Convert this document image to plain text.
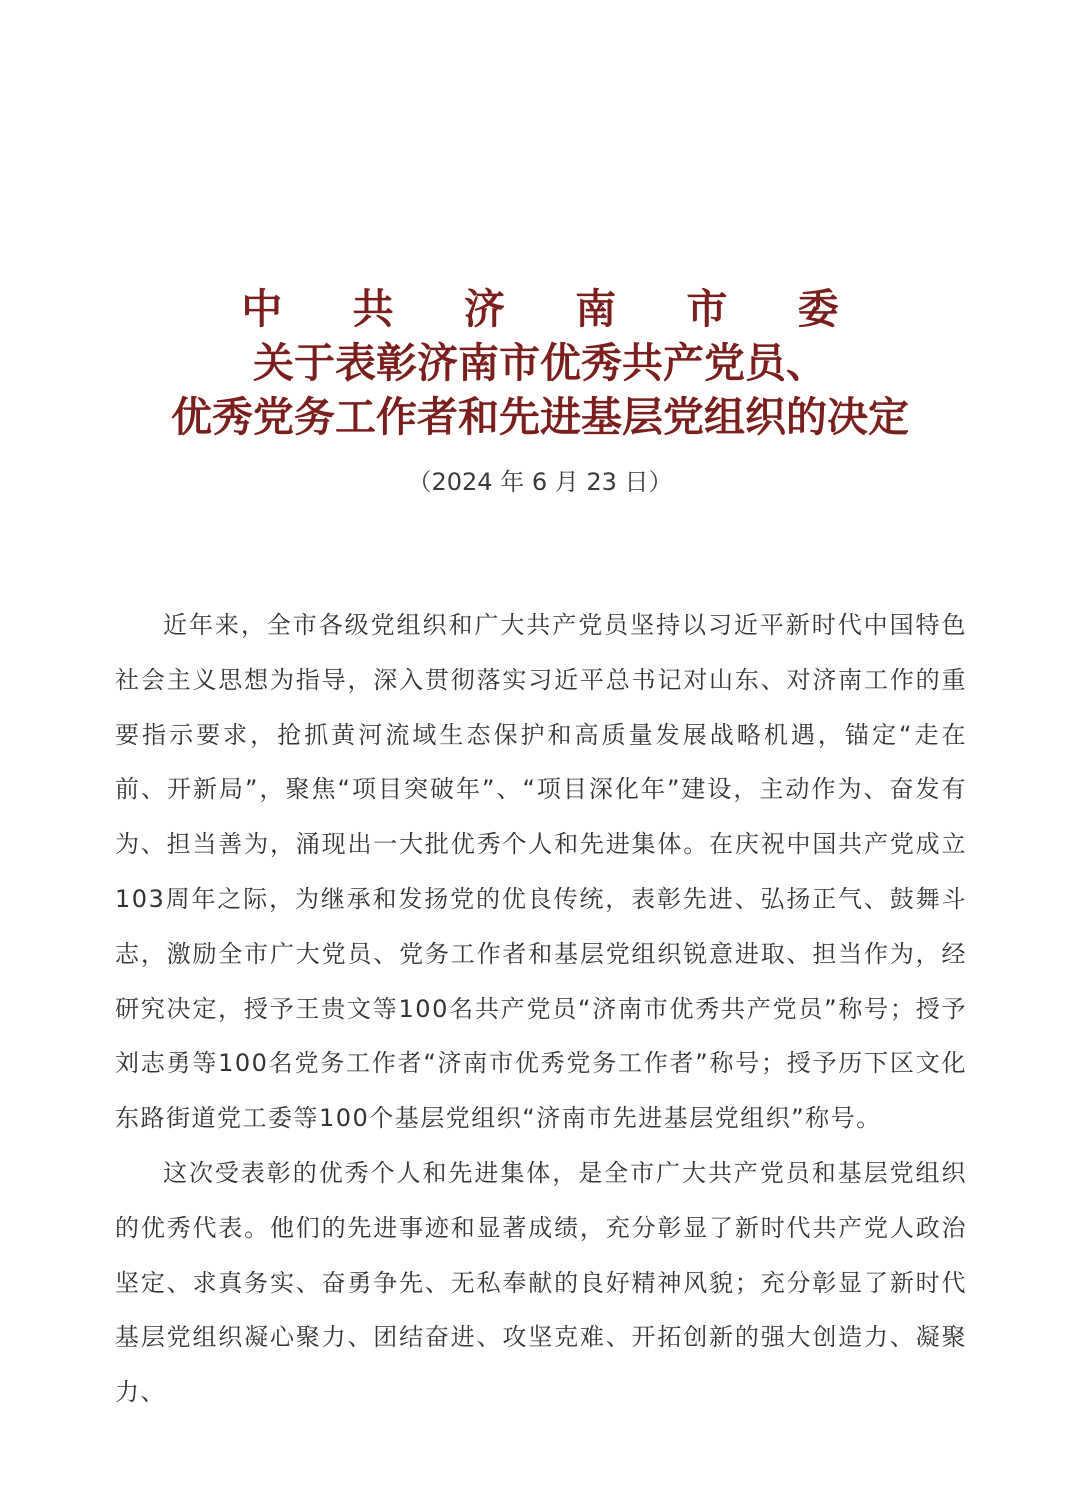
中 共 济 南 市 委
关于表彰济南市优秀共产党员、
优秀党务工作者和先进基层党组织的决定
（2024 年 6 月 23 日）

近年来，全市各级党组织和广大共产党员坚持以习近平新时代中国特色社会主义思想为指导，深入贯彻落实习近平总书记对山东、对济南工作的重要指示要求，抢抓黄河流域生态保护和高质量发展战略机遇，锚定“走在前、开新局”，聚焦“项目突破年”、“项目深化年”建设，主动作为、奋发有为、担当善为，涌现出一大批优秀个人和先进集体。在庆祝中国共产党成立103周年之际，为继承和发扬党的优良传统，表彰先进、弘扬正气、鼓舞斗志，激励全市广大党员、党务工作者和基层党组织锐意进取、担当作为，经研究决定，授予王贵文等100名共产党员“济南市优秀共产党员”称号；授予刘志勇等100名党务工作者“济南市优秀党务工作者”称号；授予历下区文化东路街道党工委等100个基层党组织“济南市先进基层党组织”称号。

这次受表彰的优秀个人和先进集体，是全市广大共产党员和基层党组织的优秀代表。他们的先进事迹和显著成绩，充分彰显了新时代共产党人政治坚定、求真务实、奋勇争先、无私奉献的良好精神风貌；充分彰显了新时代基层党组织凝心聚力、团结奋进、攻坚克难、开拓创新的强大创造力、凝聚力、
